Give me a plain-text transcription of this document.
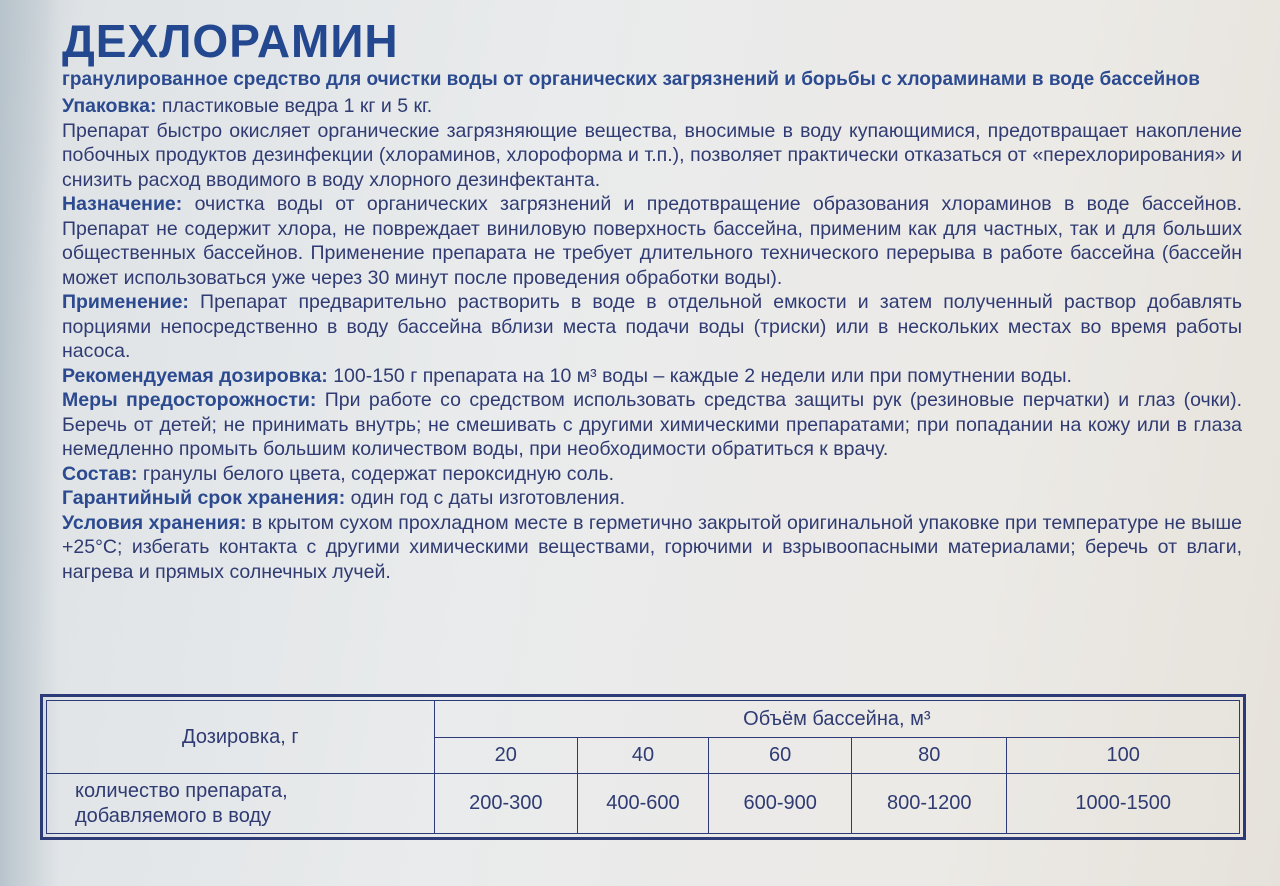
ДЕХЛОРАМИН

гранулированное средство для очистки воды от органических загрязнений и борьбы с хлораминами в воде бассейнов

Упаковка: пластиковые ведра 1 кг и 5 кг.

Препарат быстро окисляет органические загрязняющие вещества, вносимые в воду купающимися, предотвращает накопление побочных продуктов дезинфекции (хлораминов, хлороформа и т.п.), позволяет практически отказаться от «перехлорирования» и снизить расход вводимого в воду хлорного дезинфектанта.

Назначение: очистка воды от органических загрязнений и предотвращение образования хлораминов в воде бассейнов. Препарат не содержит хлора, не повреждает виниловую поверхность бассейна, применим как для частных, так и для больших общественных бассейнов. Применение препарата не требует длительного технического перерыва в работе бассейна (бассейн может использоваться уже через 30 минут после проведения обработки воды).

Применение: Препарат предварительно растворить в воде в отдельной емкости и затем полученный раствор добавлять порциями непосредственно в воду бассейна вблизи места подачи воды (триски) или в нескольких местах во время работы насоса.

Рекомендуемая дозировка: 100-150 г препарата на 10 м³ воды – каждые 2 недели или при помутнении воды.

Меры предосторожности: При работе со средством использовать средства защиты рук (резиновые перчатки) и глаз (очки). Беречь от детей; не принимать внутрь; не смешивать с другими химическими препаратами; при попадании на кожу или в глаза немедленно промыть большим количеством воды, при необходимости обратиться к врачу.

Состав: гранулы белого цвета, содержат пероксидную соль.

Гарантийный срок хранения: один год с даты изготовления.

Условия хранения: в крытом сухом прохладном месте в герметично закрытой оригинальной упаковке при температуре не выше +25°С; избегать контакта с другими химическими веществами, горючими и взрывоопасными материалами; беречь от влаги, нагрева и прямых солнечных лучей.

Дозировка, г	Объём бассейна, м³				
	20	40	60	80	100
количество препарата,
добавляемого в воду	200-300	400-600	600-900	800-1200	1000-1500
